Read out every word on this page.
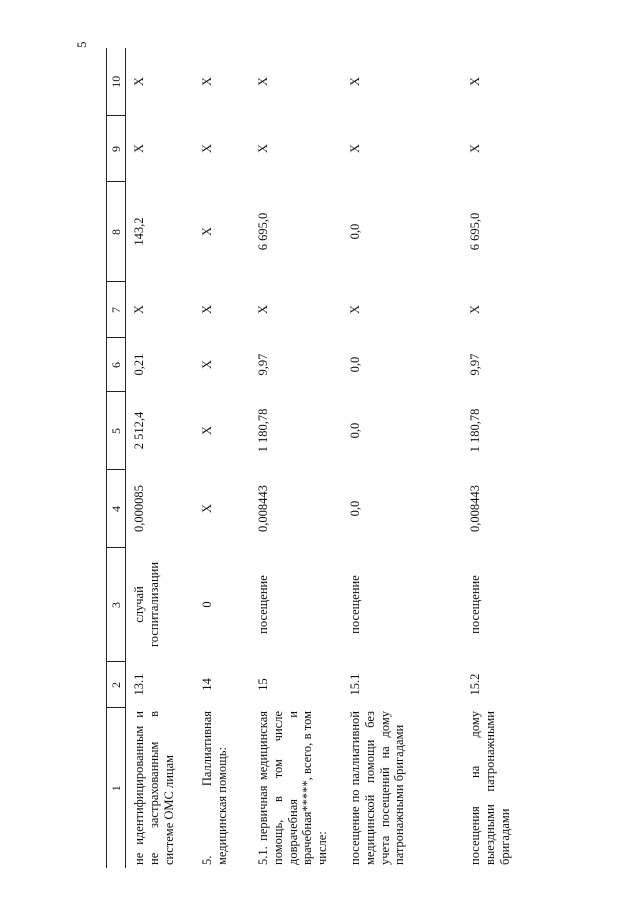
5
1	2	3	4	5	6	7	8	9	10
не идентифицированным и не застрахованным в системе ОМС лицам	13.1	случай госпитализации	0,000085	2 512,4	0,21	Х	143,2	Х	Х
5. Паллиативная медицинская помощь:	14	0	Х	Х	Х	Х	Х	Х	Х
5.1. первичная медицинская помощь, в том числе доврачебная и врачебная*****, всего, в том числе:	15	посещение	0,008443	1 180,78	9,97	Х	6 695,0	Х	Х
посещение по паллиативной медицинской помощи без учета посещений на дому патронажными бригадами	15.1	посещение	0,0	0,0	0,0	Х	0,0	Х	Х
посещения на дому выездными патронажными бригадами	15.2	посещение	0,008443	1 180,78	9,97	Х	6 695,0	Х	Х
